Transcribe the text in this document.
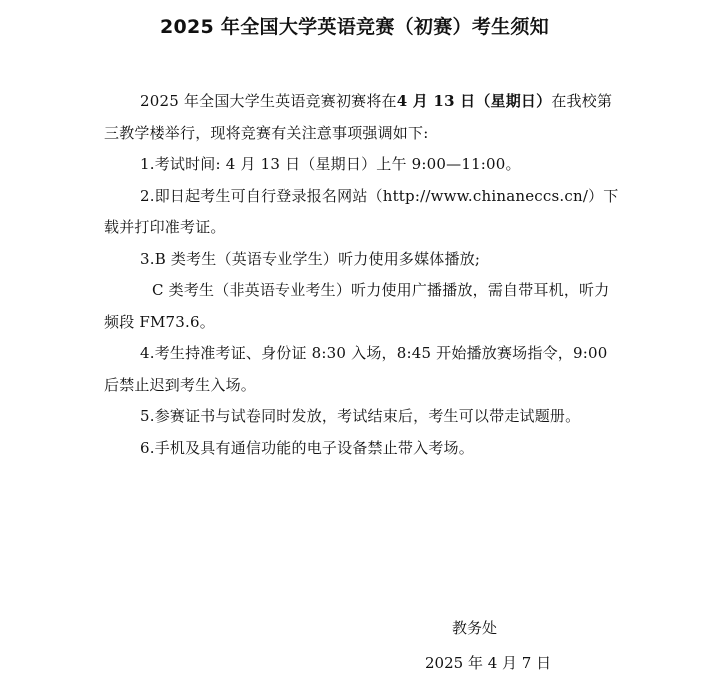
2025 年全国大学英语竞赛（初赛）考生须知

2025 年全国大学生英语竞赛初赛将在4 月 13 日（星期日）在我校第三教学楼举行，现将竞赛有关注意事项强调如下:

1.考试时间: 4 月 13 日（星期日）上午 9:00—11:00。

2.即日起考生可自行登录报名网站（http://www.chinaneccs.cn/）下载并打印准考证。

3.B 类考生（英语专业学生）听力使用多媒体播放;

C 类考生（非英语专业考生）听力使用广播播放，需自带耳机，听力频段 FM73.6。

4.考生持准考证、身份证 8:30 入场，8:45 开始播放赛场指令，9:00 后禁止迟到考生入场。

5.参赛证书与试卷同时发放，考试结束后，考生可以带走试题册。

6.手机及具有通信功能的电子设备禁止带入考场。

教务处
2025 年 4 月 7 日
